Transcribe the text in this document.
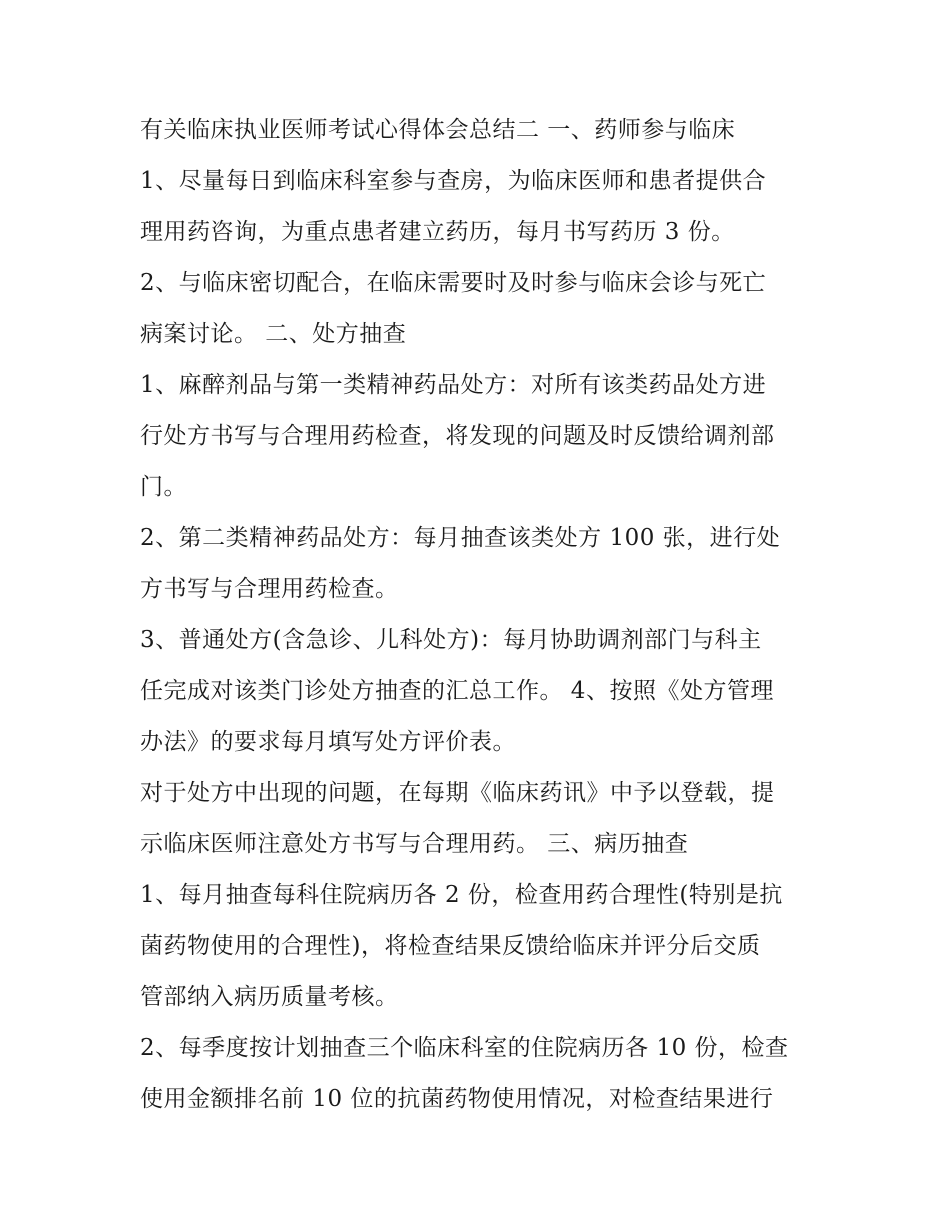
有关临床执业医师考试心得体会总结二 一、药师参与临床
1、尽量每日到临床科室参与查房，为临床医师和患者提供合
理用药咨询，为重点患者建立药历，每月书写药历 3 份。
2、与临床密切配合，在临床需要时及时参与临床会诊与死亡
病案讨论。 二、处方抽查
1、麻醉剂品与第一类精神药品处方：对所有该类药品处方进
行处方书写与合理用药检查，将发现的问题及时反馈给调剂部
门。
2、第二类精神药品处方：每月抽查该类处方 100 张，进行处
方书写与合理用药检查。
3、普通处方(含急诊、儿科处方)：每月协助调剂部门与科主
任完成对该类门诊处方抽查的汇总工作。 4、按照《处方管理
办法》的要求每月填写处方评价表。
对于处方中出现的问题，在每期《临床药讯》中予以登载，提
示临床医师注意处方书写与合理用药。 三、病历抽查
1、每月抽查每科住院病历各 2 份，检查用药合理性(特别是抗
菌药物使用的合理性)，将检查结果反馈给临床并评分后交质
管部纳入病历质量考核。
2、每季度按计划抽查三个临床科室的住院病历各 10 份，检查
使用金额排名前 10 位的抗菌药物使用情况，对检查结果进行
